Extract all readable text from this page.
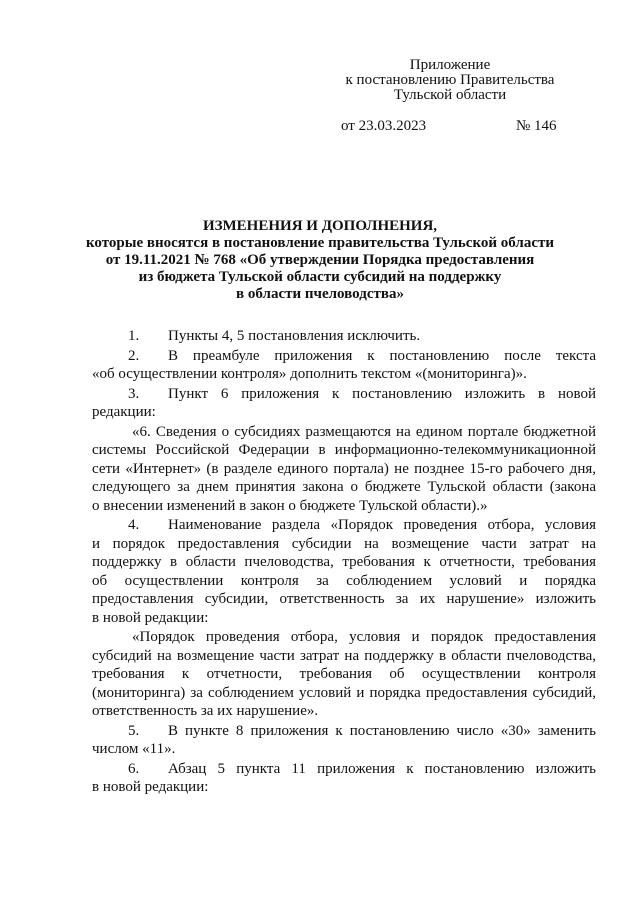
Приложение
к постановлению Правительства
Тульской области
от 23.03.2023	№ 146
ИЗМЕНЕНИЯ И ДОПОЛНЕНИЯ,
которые вносятся в постановление правительства Тульской области
от 19.11.2021 № 768 «Об утверждении Порядка предоставления
из бюджета Тульской области субсидий на поддержку
в области пчеловодства»
1. Пункты 4, 5 постановления исключить.
2. В преамбуле приложения к постановлению после текста
«об осуществлении контроля» дополнить текстом «(мониторинга)».
3. Пункт 6 приложения к постановлению изложить в новой
редакции:
«6. Сведения о субсидиях размещаются на едином портале бюджетной
системы Российской Федерации в информационно-телекоммуникационной
сети «Интернет» (в разделе единого портала) не позднее 15-го рабочего дня,
следующего за днем принятия закона о бюджете Тульской области (закона
о внесении изменений в закон о бюджете Тульской области).»
4. Наименование раздела «Порядок проведения отбора, условия
и порядок предоставления субсидии на возмещение части затрат на
поддержку в области пчеловодства, требования к отчетности, требования
об осуществлении контроля за соблюдением условий и порядка
предоставления субсидии, ответственность за их нарушение» изложить
в новой редакции:
«Порядок проведения отбора, условия и порядок предоставления
субсидий на возмещение части затрат на поддержку в области пчеловодства,
требования к отчетности, требования об осуществлении контроля
(мониторинга) за соблюдением условий и порядка предоставления субсидий,
ответственность за их нарушение».
5. В пункте 8 приложения к постановлению число «30» заменить
числом «11».
6. Абзац 5 пункта 11 приложения к постановлению изложить
в новой редакции:
